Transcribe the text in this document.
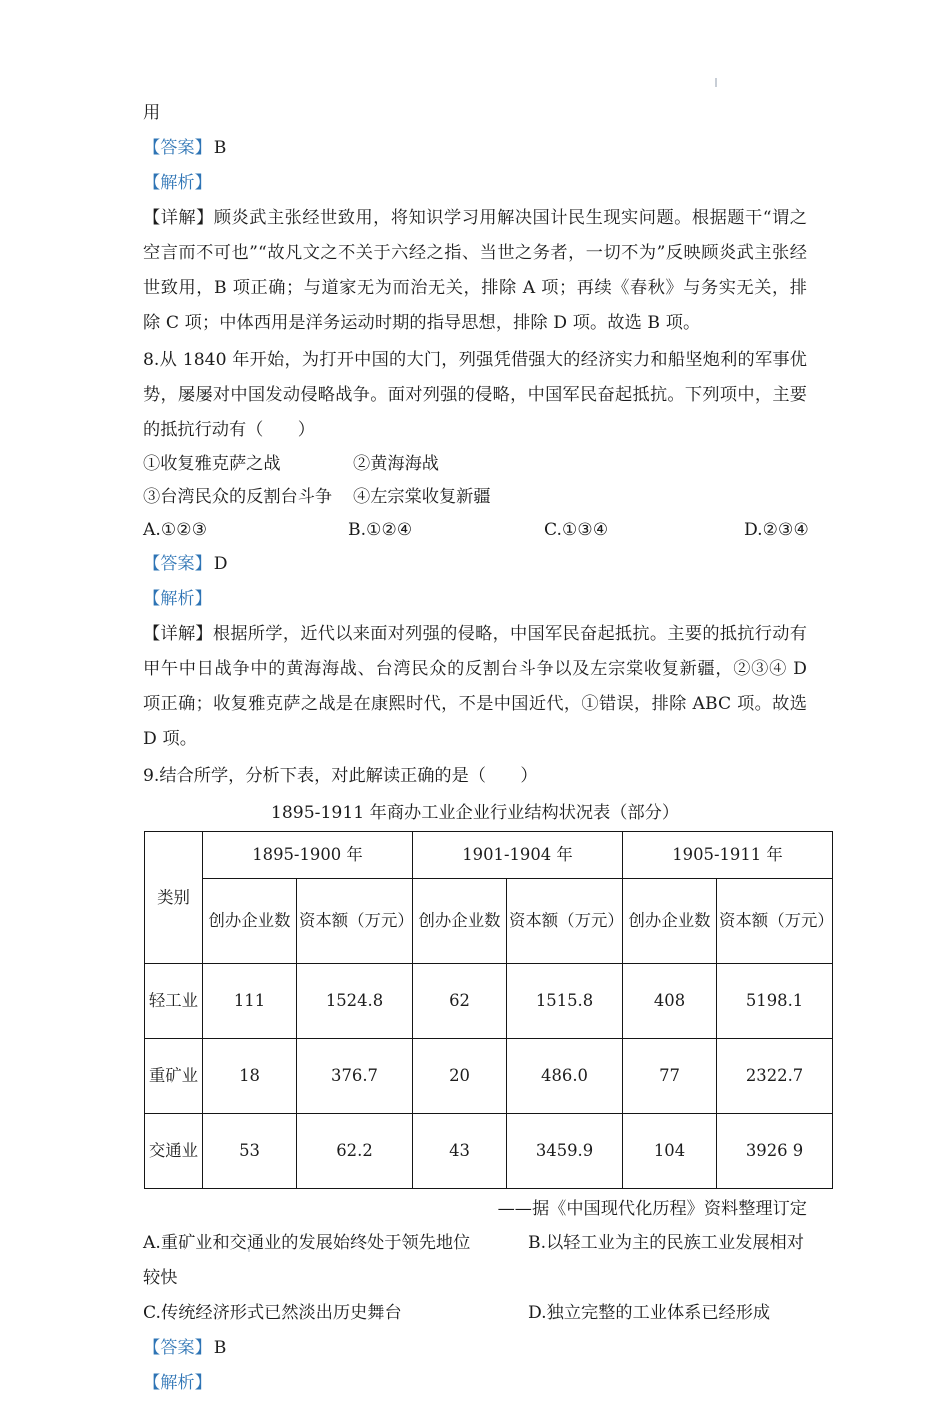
用

【答案】 B

【解析】

【详解】顾炎武主张经世致用，将知识学习用解决国计民生现实问题。根据题干“谓之空言而不可也”“故凡文之不关于六经之指、当世之务者，一切不为”反映顾炎武主张经世致用，B 项正确；与道家无为而治无关，排除 A 项；再续《春秋》与务实无关，排除 C 项；中体西用是洋务运动时期的指导思想，排除 D 项。故选 B 项。

8.从 1840 年开始，为打开中国的大门，列强凭借强大的经济实力和船坚炮利的军事优势，屡屡对中国发动侵略战争。面对列强的侵略，中国军民奋起抵抗。下列项中，主要的抵抗行动有（　　）

①收复雅克萨之战	②黄海海战
③台湾民众的反割台斗争 ④左宗棠收复新疆
A.①②③	B.①②④	C.①③④	D.②③④

【答案】 D

【解析】

【详解】根据所学，近代以来面对列强的侵略，中国军民奋起抵抗。主要的抵抗行动有甲午中日战争中的黄海海战、台湾民众的反割台斗争以及左宗棠收复新疆，②③④ D 项正确；收复雅克萨之战是在康熙时代，不是中国近代，①错误，排除 ABC 项。故选 D 项。

9.结合所学，分析下表，对此解读正确的是（　　）

1895-1911 年商办工业企业行业结构状况表（部分）
类别	1895-1900 年		1901-1904 年		1905-1911 年	
	创办企业数	资本额（万元）	创办企业数	资本额（万元）	创办企业数	资本额（万元）
轻工业	111	1524.8	62	1515.8	408	5198.1
重矿业	18	376.7	20	486.0	77	2322.7
交通业	53	62.2	43	3459.9	104	3926 9

——据《中国现代化历程》资料整理订定

A.重矿业和交通业的发展始终处于领先地位	B.以轻工业为主的民族工业发展相对
较快
C.传统经济形式已然淡出历史舞台	D.独立完整的工业体系已经形成

【答案】 B

【解析】
